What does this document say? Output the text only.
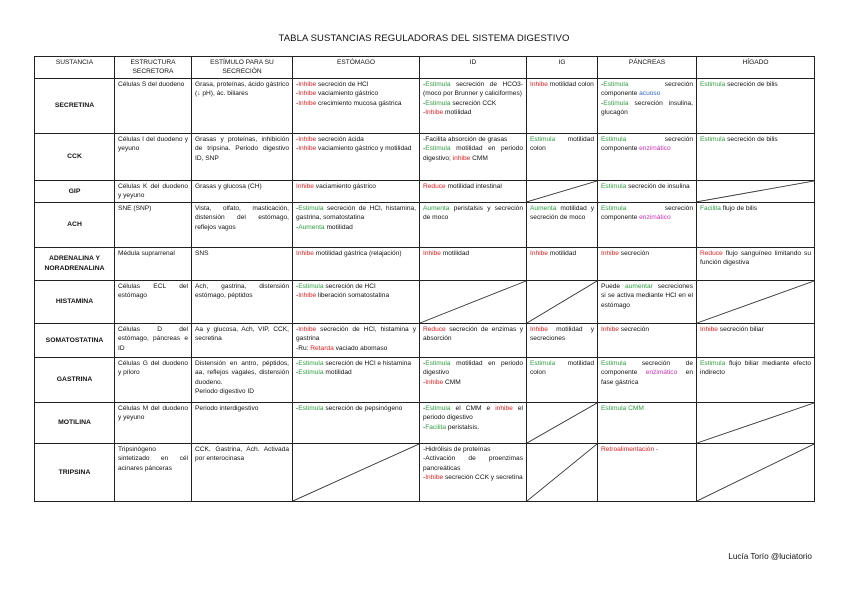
TABLA SUSTANCIAS REGULADORAS DEL SISTEMA DIGESTIVO
SUSTANCIA	ESTRUCTURA SECRETORA	ESTÍMULO PARA SU SECRECIÓN	ESTÓMAGO	ID	IG	PÁNCREAS	HÍGADO
SECRETINA	Células S del duodeno	Grasa, proteínas, ácido gástrico (↓ pH), ác. biliares	-Inhibe secreción de HCl
-Inhibe vaciamiento gástrico
-Inhibe crecimiento mucosa gástrica	-Estimula secreción de HCO3- (moco por Brunner y caliciformes)
-Estimula secreción CCK
-Inhibe motilidad	Inhibe motilidad colon	-Estimula secreción componente acuoso
-Estimula secreción insulina, glucagón	Estimula secreción de bilis

CCK	Células I del duodeno y yeyuno	Grasas y proteínas, inhibición de tripsina. Periodo digestivo ID, SNP	-Inhibe secreción ácida
-Inhibe vaciamiento gástrico y motilidad	-Facilita absorción de grasas
-Estimula motilidad en periodo digestivo; inhibe CMM	Estimula motilidad colon	Estimula secreción componente enzimático	Estimula secreción de bilis

GIP	Células K del duodeno y yeyuno	Grasas y glucosa (CH)	Inhibe vaciamiento gástrico	Reduce motilidad intestinal		Estimula secreción de insulina

ACH	SNE (SNP)	Vista, olfato, masticación, distensión del estómago, reflejos vagos	-Estimula secreción de HCl, histamina, gastrina, somatostatina
-Aumenta motilidad	Aumenta peristalsis y secreción de moco	Aumenta motilidad y secreción de moco	Estimula secreción componente enzimático	Facilita flujo de bilis

ADRENALINA Y NORADRENALINA	Médula suprarrenal	SNS	Inhibe motilidad gástrica (relajación)	Inhibe motilidad	Inhibe motilidad	Inhibe secreción	Reduce flujo sanguíneo limitando su función digestiva

HISTAMINA	Células ECL del estómago	Ach, gastrina, distensión estómago, péptidos	-Estimula secreción de HCl
-Inhibe liberación somatostatina			Puede aumentar secreciones si se activa mediante HCl en el estómago

SOMATOSTATINA	Células D del estómago, páncreas e ID	Aa y glucosa, Ach, VIP, CCK, secretina	-Inhibe secreción de HCl, histamina y gastrina
-Ru: Retarda vaciado abomaso	Reduce secreción de enzimas y absorción	Inhibe motilidad y secreciones	Inhibe secreción	Inhibe secreción biliar

GASTRINA	Células G del duodeno y píloro	Distensión en antro, péptidos, aa, reflejos vagales, distensión duodeno.
Periodo digestivo ID	-Estimula secreción de HCl e histamina
-Estimula motilidad	-Estimula motilidad en periodo digestivo
-Inhibe CMM	Estimula motilidad colon	Estimula secreción de componente enzimático en fase gástrica	Estimula flujo biliar mediante efecto indirecto

MOTILINA	Células M del duodeno y yeyuno	Periodo interdigestivo	-Estimula secreción de pepsinógeno	-Estimula el CMM e inhibe el periodo digestivo
-Facilita peristalsis.		Estimula CMM

TRIPSINA	Tripsinógeno sintetizado en cél acinares pánceras	CCK, Gastrina, Ach. Activada por enterocinasa		-Hidrólisis de proteínas
-Activación de proenzimas pancreáticas
-Inhibe secreción CCK y secretina		Retroalimentación -

Lucía Torío @luciatorio
